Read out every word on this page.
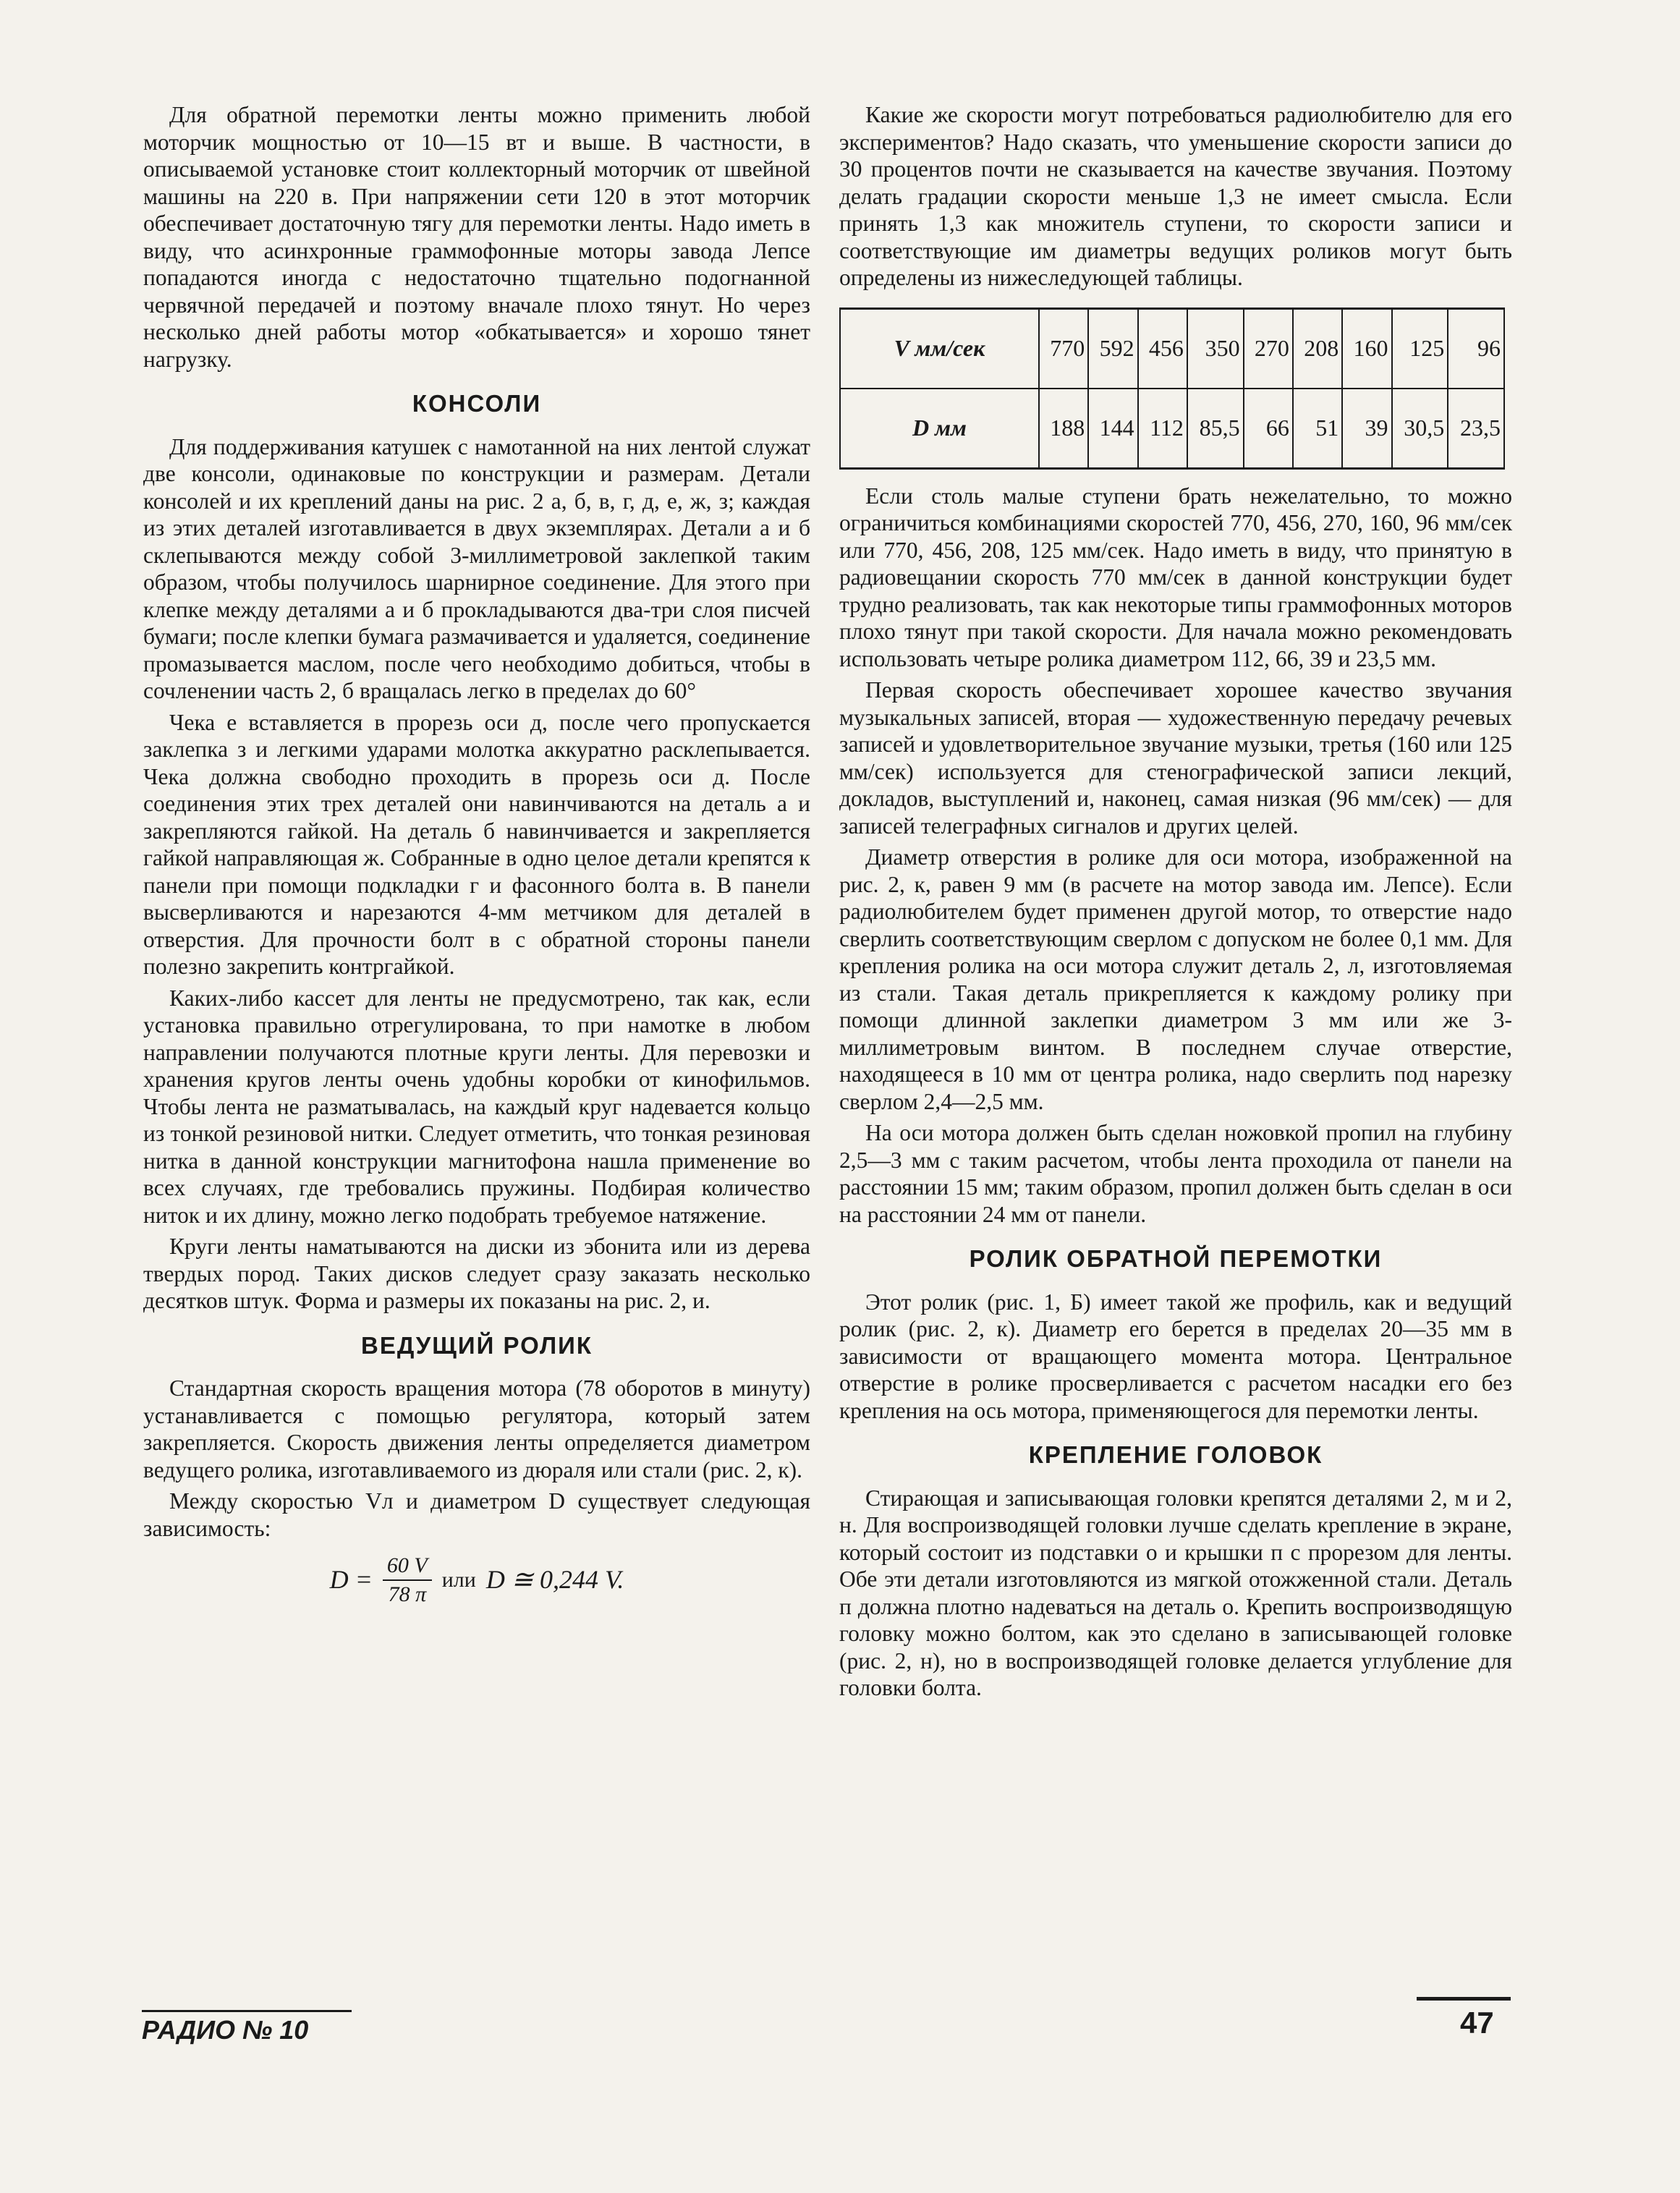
Для обратной перемотки ленты можно применить любой моторчик мощностью от 10—15 вт и выше. В частности, в описываемой установке стоит коллекторный моторчик от швейной машины на 220 в. При напряжении сети 120 в этот моторчик обеспечивает достаточную тягу для перемотки ленты. Надо иметь в виду, что асинхронные граммофонные моторы завода Лепсе попадаются иногда с недостаточно тщательно подогнанной червячной передачей и поэтому вначале плохо тянут. Но через несколько дней работы мотор «обкатывается» и хорошо тянет нагрузку.

КОНСОЛИ

Для поддерживания катушек с намотанной на них лентой служат две консоли, одинаковые по конструкции и размерам. Детали консолей и их креплений даны на рис. 2 а, б, в, г, д, е, ж, з; каждая из этих деталей изготавливается в двух экземплярах. Детали а и б склепываются между собой 3-миллиметровой заклепкой таким образом, чтобы получилось шарнирное соединение. Для этого при клепке между деталями а и б прокладываются два-три слоя писчей бумаги; после клепки бумага размачивается и удаляется, соединение промазывается маслом, после чего необходимо добиться, чтобы в сочленении часть 2, б вращалась легко в пределах до 60°

Чека е вставляется в прорезь оси д, после чего пропускается заклепка з и легкими ударами молотка аккуратно расклепывается. Чека должна свободно проходить в прорезь оси д. После соединения этих трех деталей они навинчиваются на деталь а и закрепляются гайкой. На деталь б навинчивается и закрепляется гайкой направляющая ж. Собранные в одно целое детали крепятся к панели при помощи подкладки г и фасонного болта в. В панели высверливаются и нарезаются 4-мм метчиком для деталей в отверстия. Для прочности болт в с обратной стороны панели полезно закрепить контргайкой.

Каких-либо кассет для ленты не предусмотрено, так как, если установка правильно отрегулирована, то при намотке в любом направлении получаются плотные круги ленты. Для перевозки и хранения кругов ленты очень удобны коробки от кинофильмов. Чтобы лента не разматывалась, на каждый круг надевается кольцо из тонкой резиновой нитки. Следует отметить, что тонкая резиновая нитка в данной конструкции магнитофона нашла применение во всех случаях, где требовались пружины. Подбирая количество ниток и их длину, можно легко подобрать требуемое натяжение.

Круги ленты наматываются на диски из эбонита или из дерева твердых пород. Таких дисков следует сразу заказать несколько десятков штук. Форма и размеры их показаны на рис. 2, и.

ВЕДУЩИЙ РОЛИК

Стандартная скорость вращения мотора (78 оборотов в минуту) устанавливается с помощью регулятора, который затем закрепляется. Скорость движения ленты определяется диаметром ведущего ролика, изготавливаемого из дюраля или стали (рис. 2, к).

Между скоростью Vл и диаметром D существует следующая зависимость:

$D = \frac{60 V}{78 \pi}$ или D ≅ 0,244 V.

Какие же скорости могут потребоваться радиолюбителю для его экспериментов? Надо сказать, что уменьшение скорости записи до 30 процентов почти не сказывается на качестве звучания. Поэтому делать градации скорости меньше 1,3 не имеет смысла. Если принять 1,3 как множитель ступени, то скорости записи и соответствующие им диаметры ведущих роликов могут быть определены из нижеследующей таблицы.

V мм/сек	770	592	456	350	270	208	160	125	96
D мм	188	144	112	85,5	66	51	39	30,5	23,5

Если столь малые ступени брать нежелательно, то можно ограничиться комбинациями скоростей 770, 456, 270, 160, 96 мм/сек или 770, 456, 208, 125 мм/сек. Надо иметь в виду, что принятую в радиовещании скорость 770 мм/сек в данной конструкции будет трудно реализовать, так как некоторые типы граммофонных моторов плохо тянут при такой скорости. Для начала можно рекомендовать использовать четыре ролика диаметром 112, 66, 39 и 23,5 мм.

Первая скорость обеспечивает хорошее качество звучания музыкальных записей, вторая — художественную передачу речевых записей и удовлетворительное звучание музыки, третья (160 или 125 мм/сек) используется для стенографической записи лекций, докладов, выступлений и, наконец, самая низкая (96 мм/сек) — для записей телеграфных сигналов и других целей.

Диаметр отверстия в ролике для оси мотора, изображенной на рис. 2, к, равен 9 мм (в расчете на мотор завода им. Лепсе). Если радиолюбителем будет применен другой мотор, то отверстие надо сверлить соответствующим сверлом с допуском не более 0,1 мм. Для крепления ролика на оси мотора служит деталь 2, л, изготовляемая из стали. Такая деталь прикрепляется к каждому ролику при помощи длинной заклепки диаметром 3 мм или же 3-миллиметровым винтом. В последнем случае отверстие, находящееся в 10 мм от центра ролика, надо сверлить под нарезку сверлом 2,4—2,5 мм.

На оси мотора должен быть сделан ножовкой пропил на глубину 2,5—3 мм с таким расчетом, чтобы лента проходила от панели на расстоянии 15 мм; таким образом, пропил должен быть сделан в оси на расстоянии 24 мм от панели.

РОЛИК ОБРАТНОЙ ПЕРЕМОТКИ

Этот ролик (рис. 1, Б) имеет такой же профиль, как и ведущий ролик (рис. 2, к). Диаметр его берется в пределах 20—35 мм в зависимости от вращающего момента мотора. Центральное отверстие в ролике просверливается с расчетом насадки его без крепления на ось мотора, применяющегося для перемотки ленты.

КРЕПЛЕНИЕ ГОЛОВОК

Стирающая и записывающая головки крепятся деталями 2, м и 2, н. Для воспроизводящей головки лучше сделать крепление в экране, который состоит из подставки о и крышки п с прорезом для ленты. Обе эти детали изготовляются из мягкой отожженной стали. Деталь п должна плотно надеваться на деталь о. Крепить воспроизводящую головку можно болтом, как это сделано в записывающей головке (рис. 2, н), но в воспроизводящей головке делается углубление для головки болта.

РАДИО № 10	47
